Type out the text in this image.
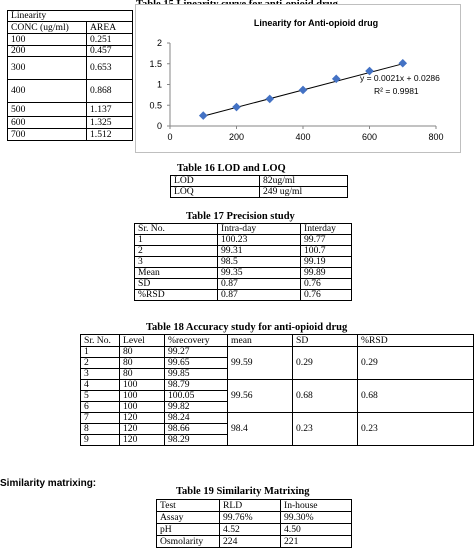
Linearity	
CONC (ug/ml)	AREA
100	0.251
200	0.457
300	0.653
400	0.868
500	1.137
600	1.325
700	1.512	0	200	400	600	800
0
0.5
1
1.5
2
Linearity for Anti-opioid drug
y = 0.0021x + 0.0286
R² = 0.9981
Table 16 LOD and LOQ
LOD	82ug/ml
LOQ	249 ug/ml
Table 17 Precision study
Sr. No.	Intra-day	Interday
1	100.23	99.77
2	99.31	100.7
3	98.5	99.19
Mean	99.35	99.89
SD	0.87	0.76
%RSD	0.87	0.76
Table 18 Accuracy study for anti-opioid drug
Sr. No.	Level	%recovery	mean	SD	%RSD
1	80	99.27	99.59	0.29	0.29
2	80	99.65			
3	80	99.85			
4	100	98.79	99.56	0.68	0.68
5	100	100.05			
6	100	99.82			
7	120	98.24	98.4	0.23	0.23
8	120	98.66			
9	120	98.29			
Similarity matrixing:
Table 19 Similarity Matrixing
Test	RLD	In-house
Assay	99.76%	99.30%
pH	4.52	4.50
Osmolarity	224	221
